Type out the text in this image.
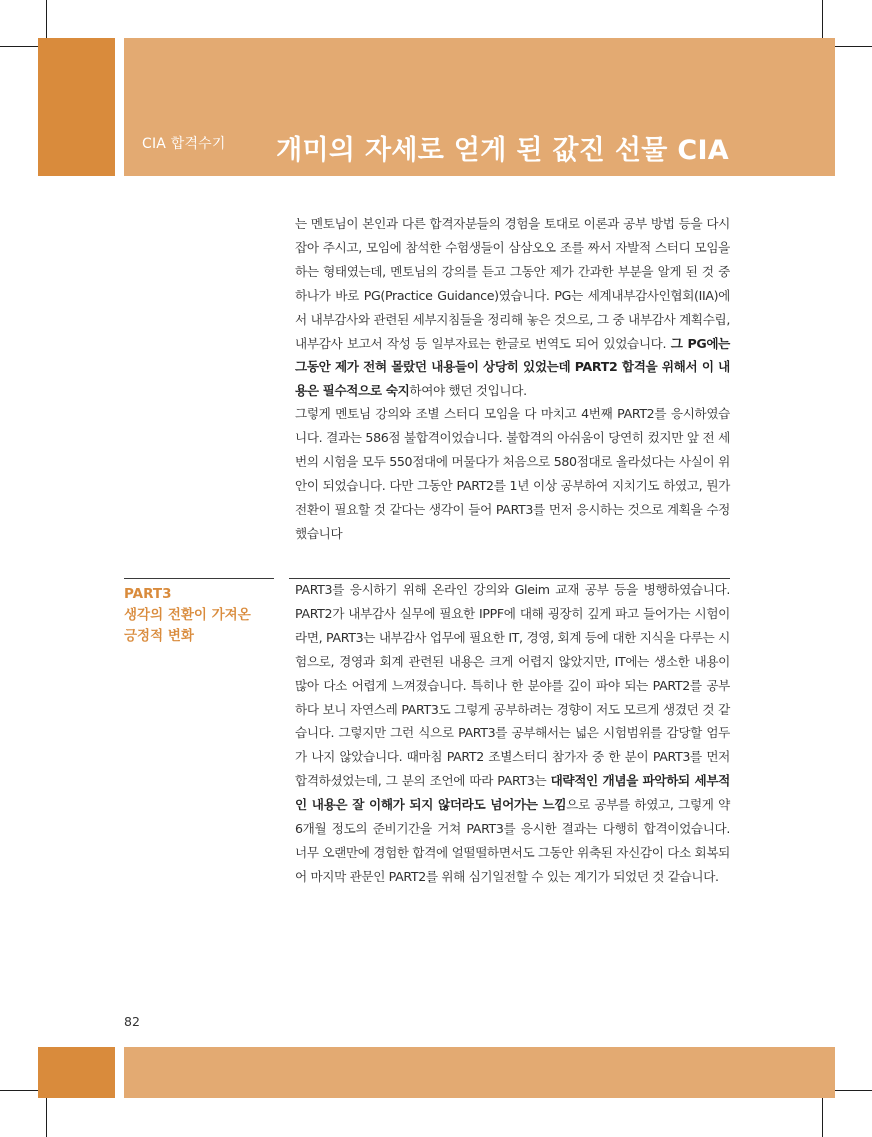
CIA 합격수기 개미의 자세로 얻게 된 값진 선물 CIA
는 멘토님이 본인과 다른 합격자분들의 경험을 토대로 이론과 공부 방법 등을 다시 잡아 주시고, 모임에 참석한 수험생들이 삼삼오오 조를 짜서 자발적 스터디 모임을 하는 형태였는데, 멘토님의 강의를 듣고 그동안 제가 간과한 부분을 알게 된 것 중 하나가 바로 PG(Practice Guidance)였습니다. PG는 세계내부감사인협회(IIA)에서 내부감사와 관련된 세부지침들을 정리해 놓은 것으로, 그 중 내부감사 계획수립, 내부감사 보고서 작성 등 일부자료는 한글로 번역도 되어 있었습니다. 그 PG에는 그동안 제가 전혀 몰랐던 내용들이 상당히 있었는데 PART2 합격을 위해서 이 내용은 필수적으로 숙지하여야 했던 것입니다.
그렇게 멘토님 강의와 조별 스터디 모임을 다 마치고 4번째 PART2를 응시하였습니다. 결과는 586점 불합격이었습니다. 불합격의 아쉬움이 당연히 컸지만 앞 전 세번의 시험을 모두 550점대에 머물다가 처음으로 580점대로 올라섰다는 사실이 위안이 되었습니다. 다만 그동안 PART2를 1년 이상 공부하여 지치기도 하였고, 뭔가 전환이 필요할 것 같다는 생각이 들어 PART3를 먼저 응시하는 것으로 계획을 수정했습니다
PART3
생각의 전환이 가져온
긍정적 변화
PART3를 응시하기 위해 온라인 강의와 Gleim 교재 공부 등을 병행하였습니다. PART2가 내부감사 실무에 필요한 IPPF에 대해 굉장히 깊게 파고 들어가는 시험이라면, PART3는 내부감사 업무에 필요한 IT, 경영, 회계 등에 대한 지식을 다루는 시험으로, 경영과 회계 관련된 내용은 크게 어렵지 않았지만, IT에는 생소한 내용이 많아 다소 어렵게 느껴졌습니다. 특히나 한 분야를 깊이 파야 되는 PART2를 공부하다 보니 자연스레 PART3도 그렇게 공부하려는 경향이 저도 모르게 생겼던 것 같습니다. 그렇지만 그런 식으로 PART3를 공부해서는 넓은 시험범위를 감당할 엄두가 나지 않았습니다. 때마침 PART2 조별스터디 참가자 중 한 분이 PART3를 먼저 합격하셨었는데, 그 분의 조언에 따라 PART3는 대략적인 개념을 파악하되 세부적인 내용은 잘 이해가 되지 않더라도 넘어가는 느낌으로 공부를 하였고, 그렇게 약 6개월 정도의 준비기간을 거쳐 PART3를 응시한 결과는 다행히 합격이었습니다. 너무 오랜만에 경험한 합격에 얼떨떨하면서도 그동안 위축된 자신감이 다소 회복되어 마지막 관문인 PART2를 위해 심기일전할 수 있는 계기가 되었던 것 같습니다.
82
